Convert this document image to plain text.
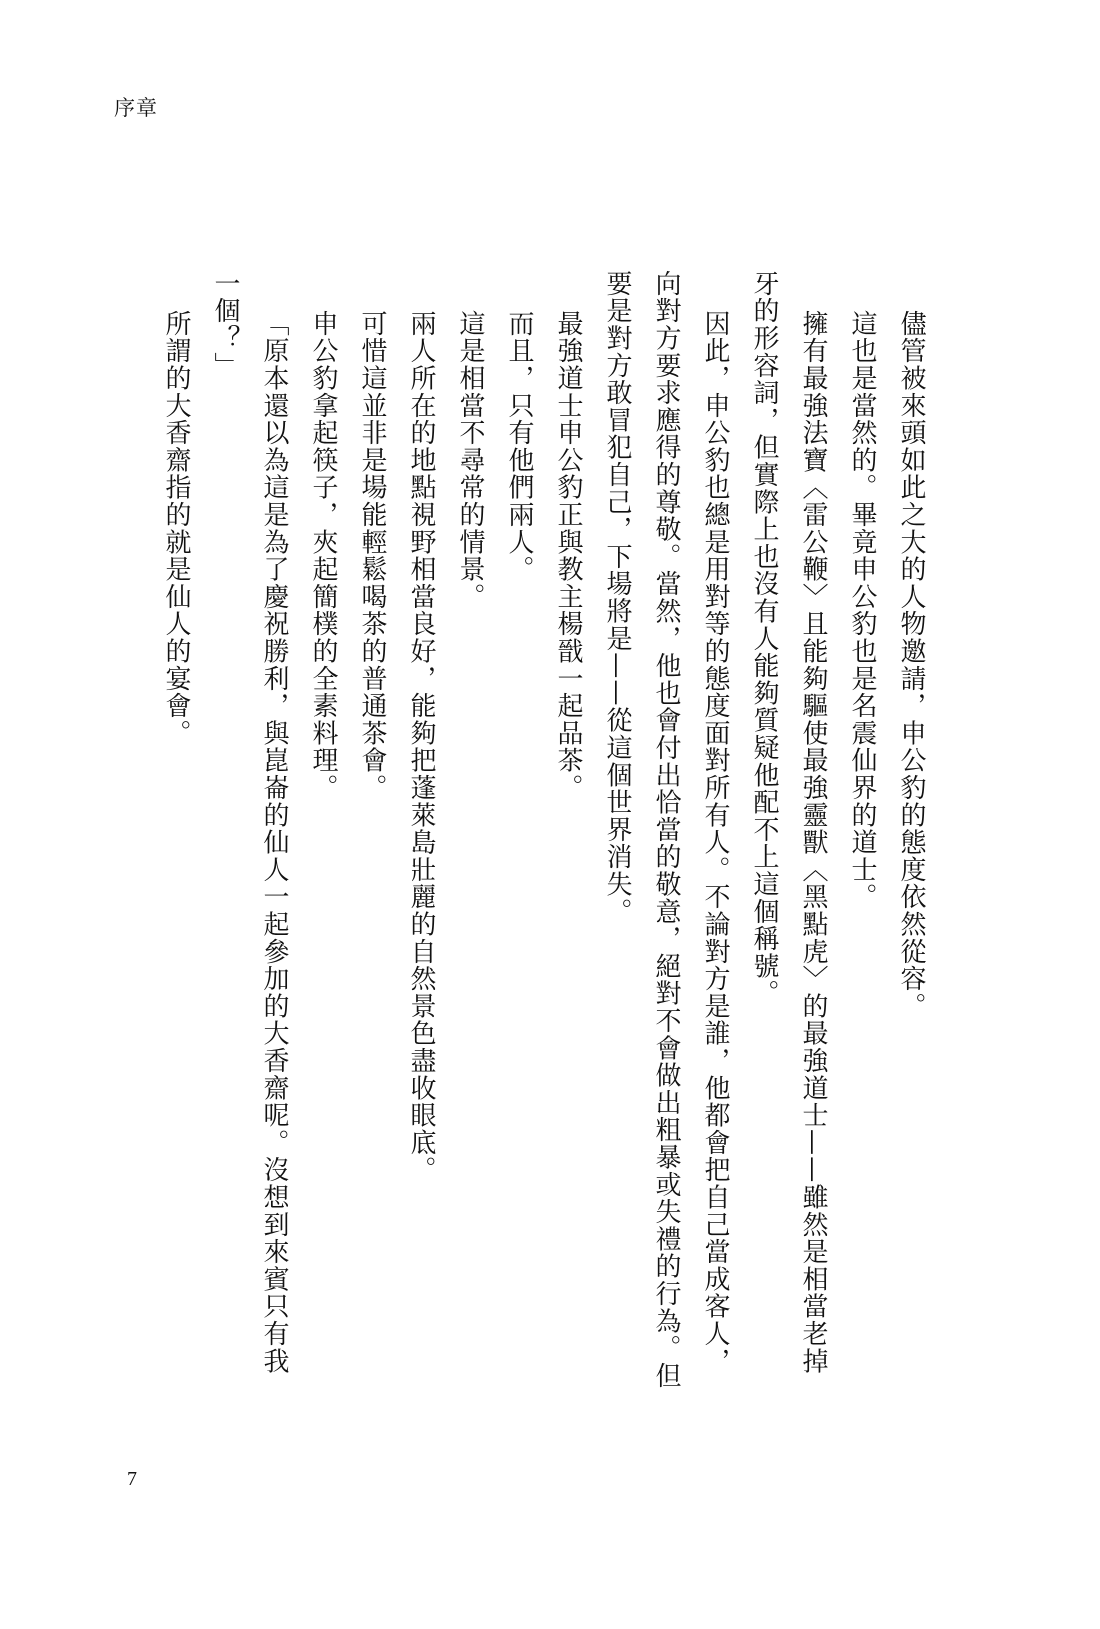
序章
儘管被來頭如此之大的人物邀請，申公豹的態度依然從容。
這也是當然的。畢竟申公豹也是名震仙界的道士。
擁有最強法寶〈雷公鞭〉且能夠驅使最強靈獸〈黑點虎〉的最強道士——雖然是相當老掉
牙的形容詞，但實際上也沒有人能夠質疑他配不上這個稱號。
因此，申公豹也總是用對等的態度面對所有人。不論對方是誰，他都會把自己當成客人，
向對方要求應得的尊敬。當然，他也會付出恰當的敬意，絕對不會做出粗暴或失禮的行為。但
要是對方敢冒犯自己，下場將是——從這個世界消失。
最強道士申公豹正與教主楊戩一起品茶。
而且，只有他們兩人。
這是相當不尋常的情景。
兩人所在的地點視野相當良好，能夠把蓬萊島壯麗的自然景色盡收眼底。
可惜這並非是場能輕鬆喝茶的普通茶會。
申公豹拿起筷子，夾起簡樸的全素料理。
「原本還以為這是為了慶祝勝利，與崑崙的仙人一起參加的大香齋呢。沒想到來賓只有我
一個？」
所謂的大香齋指的就是仙人的宴會。
7
